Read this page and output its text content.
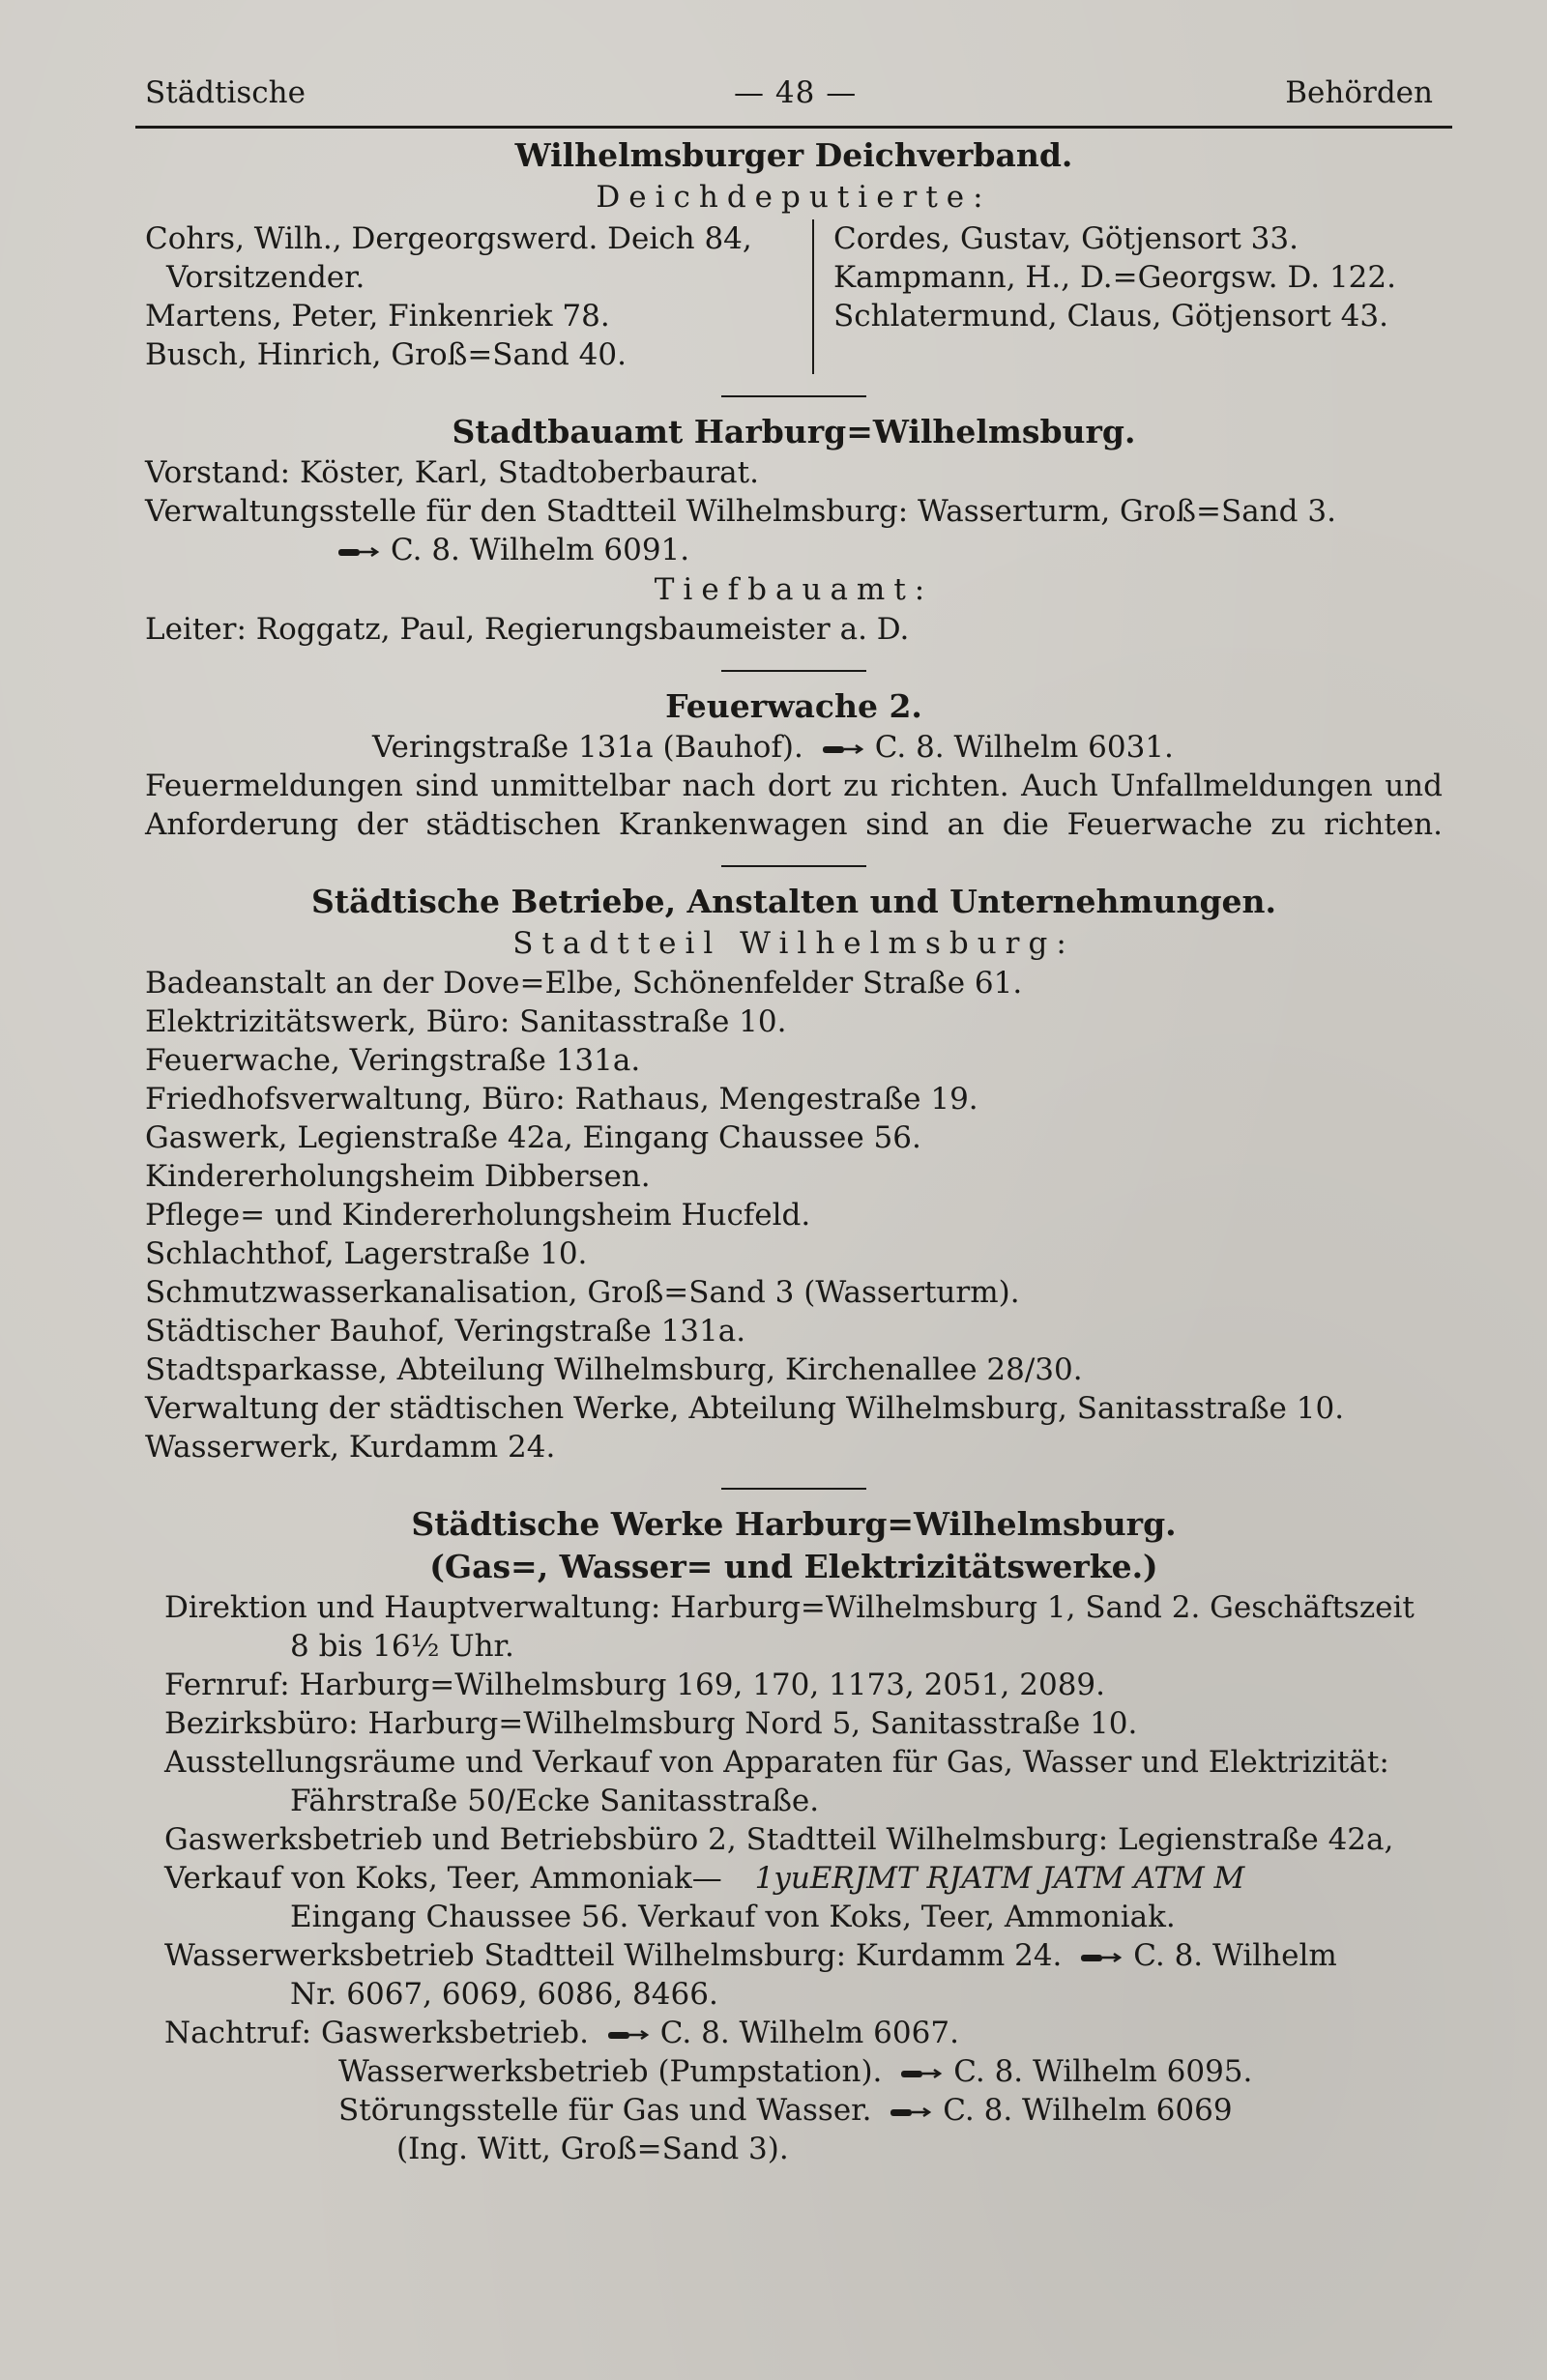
Städtische	— 48 —	Behörden
Wilhelmsburger Deichverband.
Deichdeputierte:
Cohrs, Wilh., Dergeorgswerd. Deich 84,
Vorsitzender.
Martens, Peter, Finkenriek 78.
Busch, Hinrich, Groß=Sand 40.
Cordes, Gustav, Götjensort 33.
Kampmann, H., D.=Georgsw. D. 122.
Schlatermund, Claus, Götjensort 43.
Stadtbauamt Harburg=Wilhelmsburg.
Vorstand: Köster, Karl, Stadtoberbaurat.
Verwaltungsstelle für den Stadtteil Wilhelmsburg: Wasserturm, Groß=Sand 3.
C. 8. Wilhelm 6091.
Tiefbauamt:
Leiter: Roggatz, Paul, Regierungsbaumeister a. D.
Feuerwache 2.
Veringstraße 131a (Bauhof). C. 8. Wilhelm 6031.
Feuermeldungen sind unmittelbar nach dort zu richten. Auch Unfallmeldungen und
Anforderung der städtischen Krankenwagen sind an die Feuerwache zu richten.
Städtische Betriebe, Anstalten und Unternehmungen.
Stadtteil Wilhelmsburg:
Badeanstalt an der Dove=Elbe, Schönenfelder Straße 61.
Elektrizitätswerk, Büro: Sanitasstraße 10.
Feuerwache, Veringstraße 131a.
Friedhofsverwaltung, Büro: Rathaus, Mengestraße 19.
Gaswerk, Legienstraße 42a, Eingang Chaussee 56.
Kindererholungsheim Dibbersen.
Pflege= und Kindererholungsheim Hucfeld.
Schlachthof, Lagerstraße 10.
Schmutzwasserkanalisation, Groß=Sand 3 (Wasserturm).
Städtischer Bauhof, Veringstraße 131a.
Stadtsparkasse, Abteilung Wilhelmsburg, Kirchenallee 28/30.
Verwaltung der städtischen Werke, Abteilung Wilhelmsburg, Sanitasstraße 10.
Wasserwerk, Kurdamm 24.
Städtische Werke Harburg=Wilhelmsburg.
(Gas=, Wasser= und Elektrizitätswerke.)
Direktion und Hauptverwaltung: Harburg=Wilhelmsburg 1, Sand 2. Geschäftszeit
8 bis 16½ Uhr.
Fernruf: Harburg=Wilhelmsburg 169, 170, 1173, 2051, 2089.
Bezirksbüro: Harburg=Wilhelmsburg Nord 5, Sanitasstraße 10.
Ausstellungsräume und Verkauf von Apparaten für Gas, Wasser und Elektrizität:
Fährstraße 50/Ecke Sanitasstraße.
Gaswerksbetrieb und Betriebsbüro 2, Stadtteil Wilhelmsburg: Legienstraße 42a,
Verkauf von Koks, Teer, Ammoniak— 1yuERJMT RJATM JATM ATM M
Eingang Chaussee 56. Verkauf von Koks, Teer, Ammoniak.
Wasserwerksbetrieb Stadtteil Wilhelmsburg: Kurdamm 24. C. 8. Wilhelm
Nr. 6067, 6069, 6086, 8466.
Nachtruf: Gaswerksbetrieb. C. 8. Wilhelm 6067.
Wasserwerksbetrieb (Pumpstation). C. 8. Wilhelm 6095.
Störungsstelle für Gas und Wasser. C. 8. Wilhelm 6069
(Ing. Witt, Groß=Sand 3).
